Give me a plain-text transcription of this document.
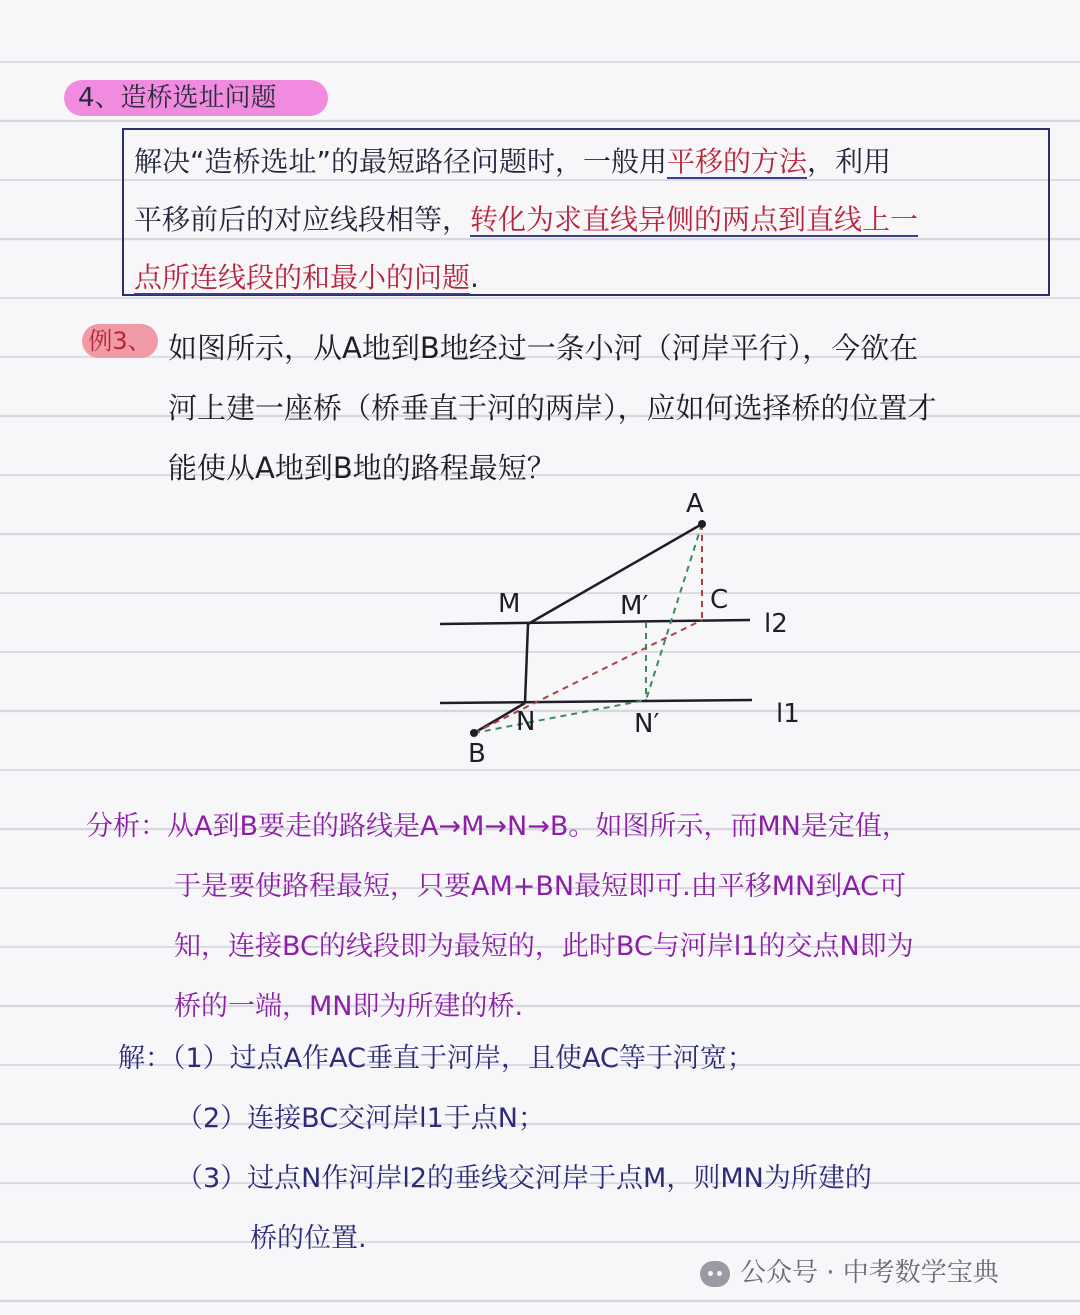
4、造桥选址问题
解决“造桥选址”的最短路径问题时，一般用平移的方法，利用
平移前后的对应线段相等，转化为求直线异侧的两点到直线上一
点所连线段的和最小的问题.
例3、 如图所示，从A地到B地经过一条小河（河岸平行），今欲在
河上建一座桥（桥垂直于河的两岸），应如何选择桥的位置才
能使从A地到B地的路程最短？
A
B
C
M	M′
N	N′
l2
l1
分析：从A到B要走的路线是A→M→N→B。如图所示，而MN是定值，
于是要使路程最短，只要AM+BN最短即可.由平移MN到AC可
知，连接BC的线段即为最短的，此时BC与河岸l1的交点N即为
桥的一端，MN即为所建的桥.
解：（1）过点A作AC垂直于河岸，且使AC等于河宽；
（2）连接BC交河岸l1于点N；
（3）过点N作河岸l2的垂线交河岸于点M，则MN为所建的
桥的位置.
公众号 · 中考数学宝典
